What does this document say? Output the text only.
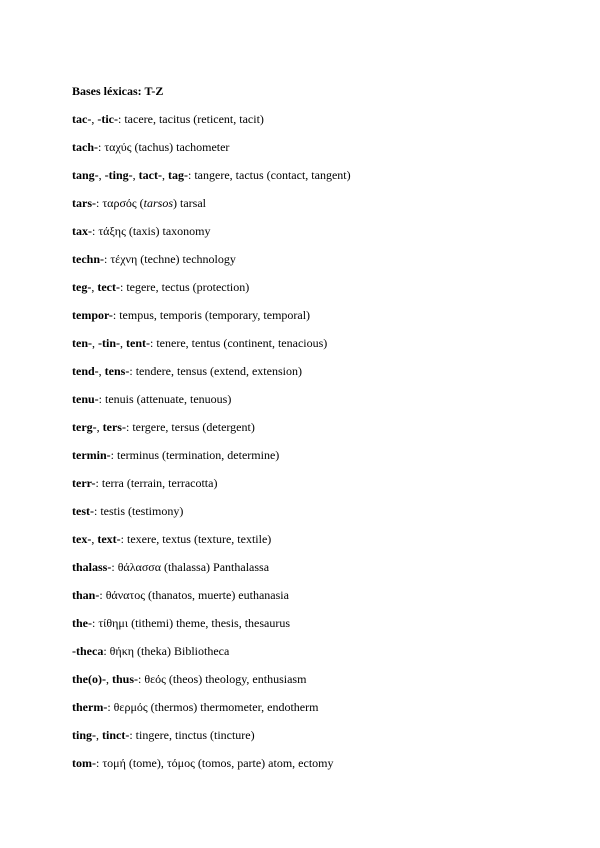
Bases léxicas: T-Z
tac-, -tic-: tacere, tacitus (reticent, tacit)
tach-: ταχύς (tachus) tachometer
tang-, -ting-, tact-, tag-: tangere, tactus (contact, tangent)
tars-: ταρσός (tarsos) tarsal
tax-: τάξης (taxis) taxonomy
techn-: τέχνη (techne) technology
teg-, tect-: tegere, tectus (protection)
tempor-: tempus, temporis (temporary, temporal)
ten-, -tin-, tent-: tenere, tentus (continent, tenacious)
tend-, tens-: tendere, tensus (extend, extension)
tenu-: tenuis (attenuate, tenuous)
terg-, ters-: tergere, tersus (detergent)
termin-: terminus (termination, determine)
terr-: terra (terrain, terracotta)
test-: testis (testimony)
tex-, text-: texere, textus (texture, textile)
thalass-: θάλασσα (thalassa) Panthalassa
than-: θάνατος (thanatos, muerte) euthanasia
the-: τίθημι (tithemi) theme, thesis, thesaurus
-theca: θήκη (theka) Bibliotheca
the(o)-, thus-: θεός (theos) theology, enthusiasm
therm-: θερμός (thermos) thermometer, endotherm
ting-, tinct-: tingere, tinctus (tincture)
tom-: τομή (tome), τόμος (tomos, parte) atom, ectomy
